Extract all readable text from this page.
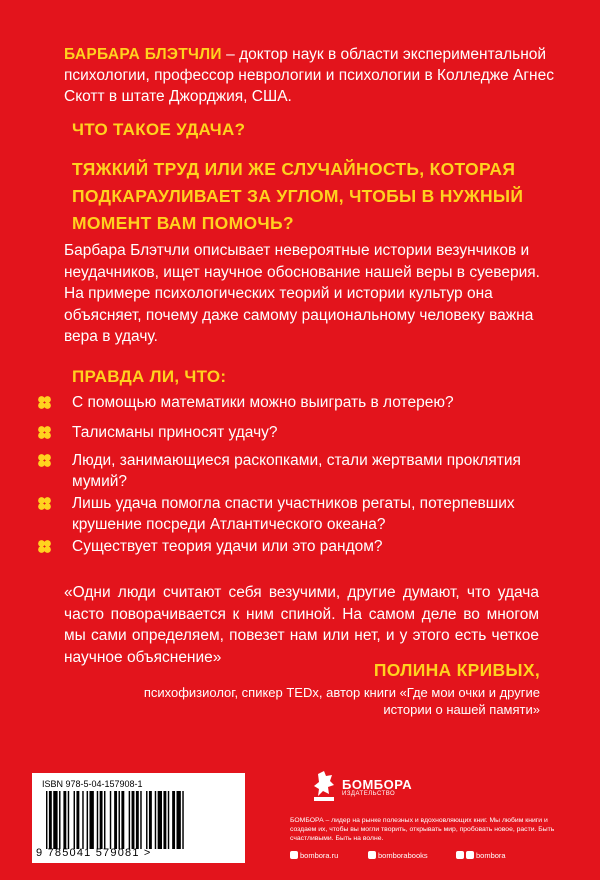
БАРБАРА БЛЭТЧЛИ – доктор наук в области экспериментальной психологии, профессор неврологии и психологии в Колледже Агнес Скотт в штате Джорджия, США.
ЧТО ТАКОЕ УДАЧА?
ТЯЖКИЙ ТРУД ИЛИ ЖЕ СЛУЧАЙНОСТЬ, КОТОРАЯ ПОДКАРАУЛИВАЕТ ЗА УГЛОМ, ЧТОБЫ В НУЖНЫЙ МОМЕНТ ВАМ ПОМОЧЬ?
Барбара Блэтчли описывает невероятные истории везунчиков и неудачников, ищет научное обоснование нашей веры в суеверия. На примере психологических теорий и истории культур она объясняет, почему даже самому рациональному человеку важна вера в удачу.
ПРАВДА ЛИ, ЧТО:
С помощью математики можно выиграть в лотерею?
Талисманы приносят удачу?
Люди, занимающиеся раскопками, стали жертвами проклятия мумий?
Лишь удача помогла спасти участников регаты, потерпевших крушение посреди Атлантического океана?
Существует теория удачи или это рандом?
«Одни люди считают себя везучими, другие думают, что удача часто поворачивается к ним спиной. На самом деле во многом мы сами определяем, повезет нам или нет, и у этого есть четкое научное объяснение»
ПОЛИНА КРИВЫХ,
психофизиолог, спикер TEDx, автор книги «Где мои очки и другие истории о нашей памяти»
ISBN 978-5-04-157908-1
9 785041 579081 >
БОМБОРА
ИЗДАТЕЛЬСТВО
БОМБОРА – лидер на рынке полезных и вдохновляющих книг. Мы любим книги и создаем их, чтобы вы могли творить, открывать мир, пробовать новое, расти. Быть счастливыми. Быть на волне.
bombora.ru	bomborabooks	bombora
